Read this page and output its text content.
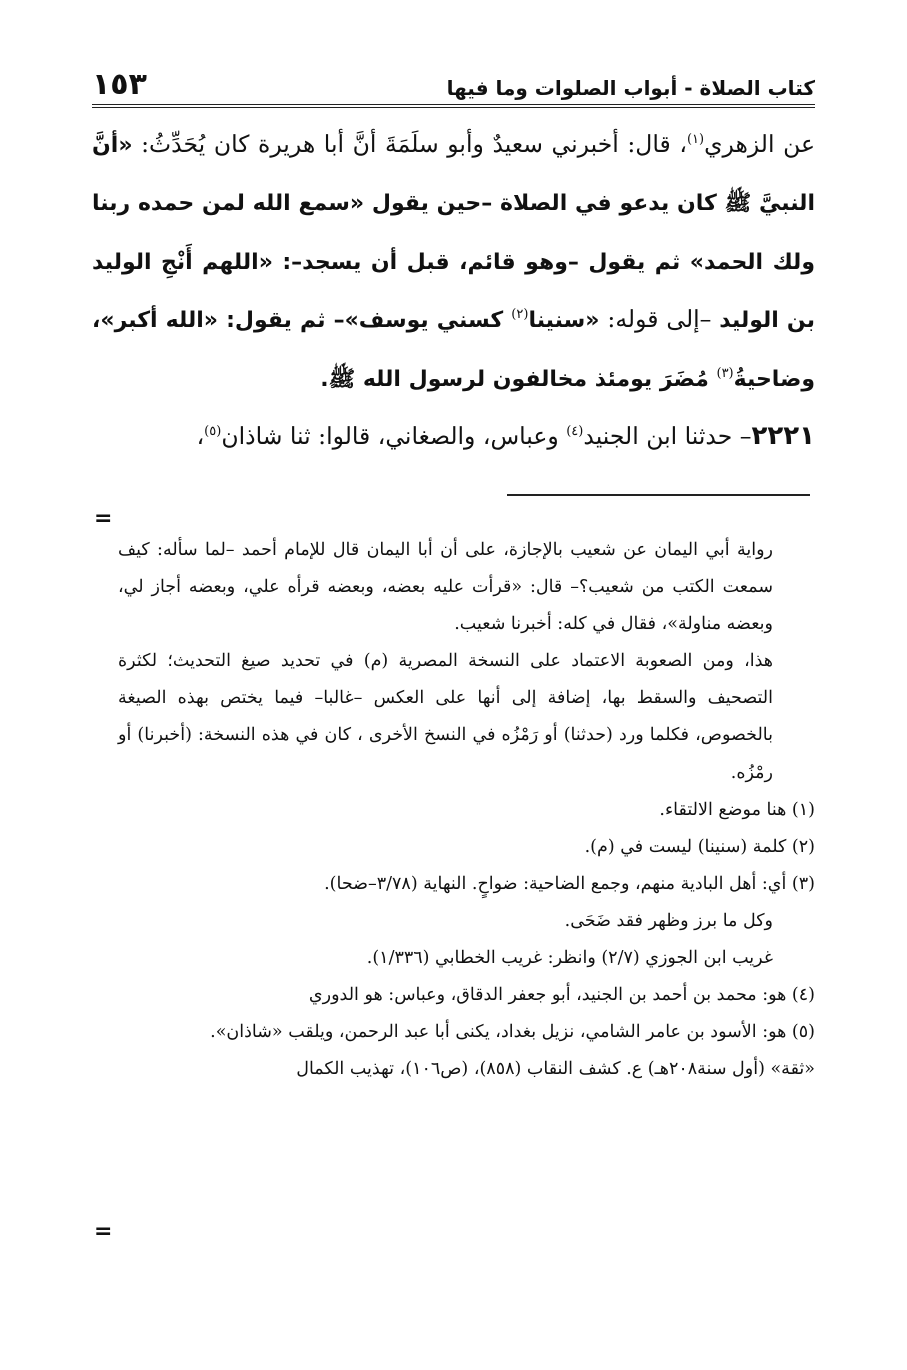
١٥٣	كتاب الصلاة - أبواب الصلوات وما فيها

عن الزهري$^{(١)}$، قال: أخبرني سعيدٌ وأبو سلَمَةَ أنَّ أبا هريرة كان يُحَدِّثُ: «أنَّ النبيَّ ﷺ كان يدعو في الصلاة –حين يقول «سمع الله لمن حمده ربنا ولك الحمد» ثم يقول –وهو قائم، قبل أن يسجد–: «اللهم أَنْجِ الوليد بن الوليد –إلى قوله: «سنينا$^{(٢)}$ كسني يوسف»– ثم يقول: «الله أكبر»، وضاحيةُ$^{(٣)}$ مُضَرَ يومئذ مخالفون لرسول الله ﷺ.

٢٢٢١– حدثنا ابن الجنيد$^{(٤)}$ وعباس، والصغاني، قالوا: ثنا شاذان$^{(٥)}$،

=
=

رواية أبي اليمان عن شعيب بالإجازة، على أن أبا اليمان قال للإمام أحمد –لما سأله: كيف سمعت الكتب من شعيب؟– قال: «قرأت عليه بعضه، وبعضه قرأه علي، وبعضه أجاز لي، وبعضه مناولة»، فقال في كله: أخبرنا شعيب.

هذا، ومن الصعوبة الاعتماد على النسخة المصرية (م) في تحديد صيغ التحديث؛ لكثرة التصحيف والسقط بها، إضافة إلى أنها على العكس –غالبا– فيما يختص بهذه الصيغة بالخصوص، فكلما ورد (حدثنا) أو رَمْزُه في النسخ الأخرى ، كان في هذه النسخة: (أخبرنا) أو رمْزُه.

(١) هنا موضع الالتقاء.

(٢) كلمة (سنينا) ليست في (م).

(٣) أي: أهل البادية منهم، وجمع الضاحية: ضواحٍ. النهاية (٣/٧٨–ضحا).

وكل ما برز وظهر فقد ضَحَى.

غريب ابن الجوزي (٢/٧) وانظر: غريب الخطابي (١/٣٣٦).

(٤) هو: محمد بن أحمد بن الجنيد، أبو جعفر الدقاق، وعباس: هو الدوري

(٥) هو: الأسود بن عامر الشامي، نزيل بغداد، يكنى أبا عبد الرحمن، ويلقب «شاذان».

«ثقة» (أول سنة٢٠٨هـ) ع. كشف النقاب (٨٥٨)، (ص١٠٦)، تهذيب الكمال
